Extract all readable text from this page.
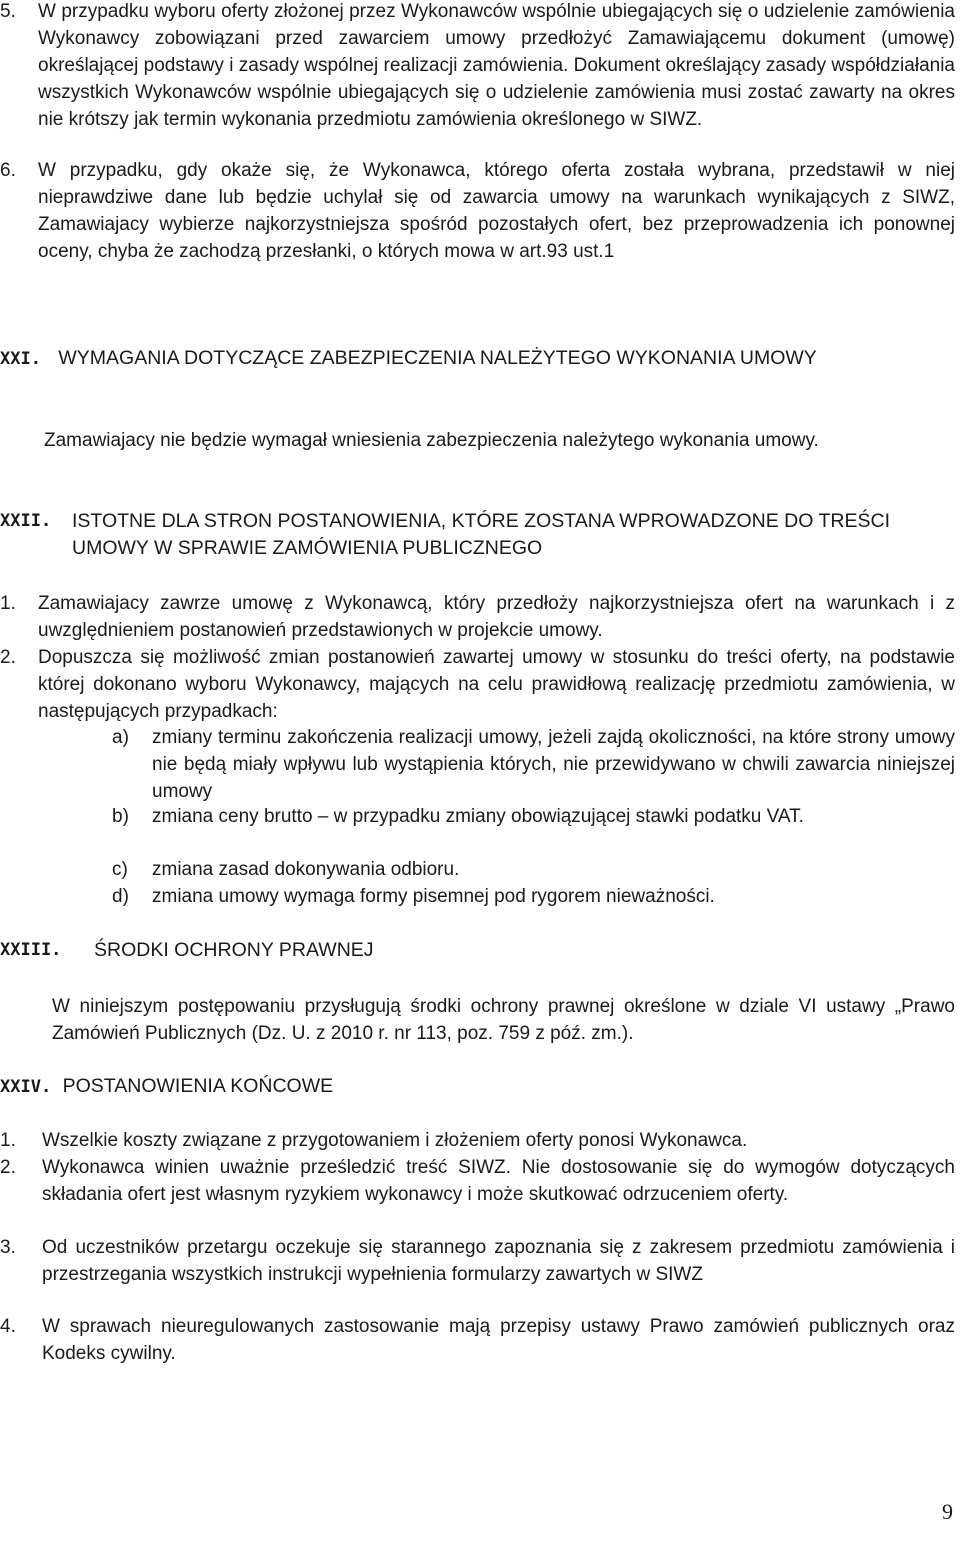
5.	W przypadku wyboru oferty złożonej przez Wykonawców wspólnie ubiegających się o udzielenie zamówienia Wykonawcy zobowiązani przed zawarciem umowy przedłożyć Zamawiającemu dokument (umowę) określającej podstawy i zasady wspólnej realizacji zamówienia. Dokument określający zasady współdziałania wszystkich Wykonawców wspólnie ubiegających się o udzielenie zamówienia musi zostać zawarty na okres nie krótszy jak termin wykonania przedmiotu zamówienia określonego w SIWZ.
6.	W przypadku, gdy okaże się, że Wykonawca, którego oferta została wybrana, przedstawił w niej nieprawdziwe dane lub będzie uchylał się od zawarcia umowy na warunkach wynikających z SIWZ, Zamawiajacy wybierze najkorzystniejsza spośród pozostałych ofert, bez przeprowadzenia ich ponownej oceny, chyba że zachodzą przesłanki, o których mowa w art.93 ust.1
XXI. WYMAGANIA DOTYCZĄCE ZABEZPIECZENIA NALEŻYTEGO WYKONANIA UMOWY
Zamawiajacy nie będzie wymagał wniesienia zabezpieczenia należytego wykonania umowy.
XXII.	ISTOTNE DLA STRON POSTANOWIENIA, KTÓRE ZOSTANA WPROWADZONE DO TREŚCI UMOWY W SPRAWIE ZAMÓWIENIA PUBLICZNEGO
1.	Zamawiajacy zawrze umowę z Wykonawcą, który przedłoży najkorzystniejsza ofert na warunkach i z uwzględnieniem postanowień przedstawionych w projekcie umowy.
2.	Dopuszcza się możliwość zmian postanowień zawartej umowy w stosunku do treści oferty, na podstawie której dokonano wyboru Wykonawcy, mających na celu prawidłową realizację przedmiotu zamówienia, w następujących przypadkach:
a)	zmiany terminu zakończenia realizacji umowy, jeżeli zajdą okoliczności, na które strony umowy nie będą miały wpływu lub wystąpienia których, nie przewidywano w chwili zawarcia niniejszej umowy
b)	zmiana ceny brutto – w przypadku zmiany obowiązującej stawki podatku VAT.
c)	zmiana zasad dokonywania odbioru.
d)	zmiana umowy wymaga formy pisemnej pod rygorem nieważności.
XXIII.	ŚRODKI OCHRONY PRAWNEJ
W niniejszym postępowaniu przysługują środki ochrony prawnej określone w dziale VI ustawy „Prawo Zamówień Publicznych (Dz. U. z 2010 r. nr 113, poz. 759 z póź. zm.).
XXIV. POSTANOWIENIA KOŃCOWE
1.	Wszelkie koszty związane z przygotowaniem i złożeniem oferty ponosi Wykonawca.
2.	Wykonawca winien uważnie prześledzić treść SIWZ. Nie dostosowanie się do wymogów dotyczących składania ofert jest własnym ryzykiem wykonawcy i może skutkować odrzuceniem oferty.
3.	Od uczestników przetargu oczekuje się starannego zapoznania się z zakresem przedmiotu zamówienia i przestrzegania wszystkich instrukcji wypełnienia formularzy zawartych w SIWZ
4.	W sprawach nieuregulowanych zastosowanie mają przepisy ustawy Prawo zamówień publicznych oraz Kodeks cywilny.
9
